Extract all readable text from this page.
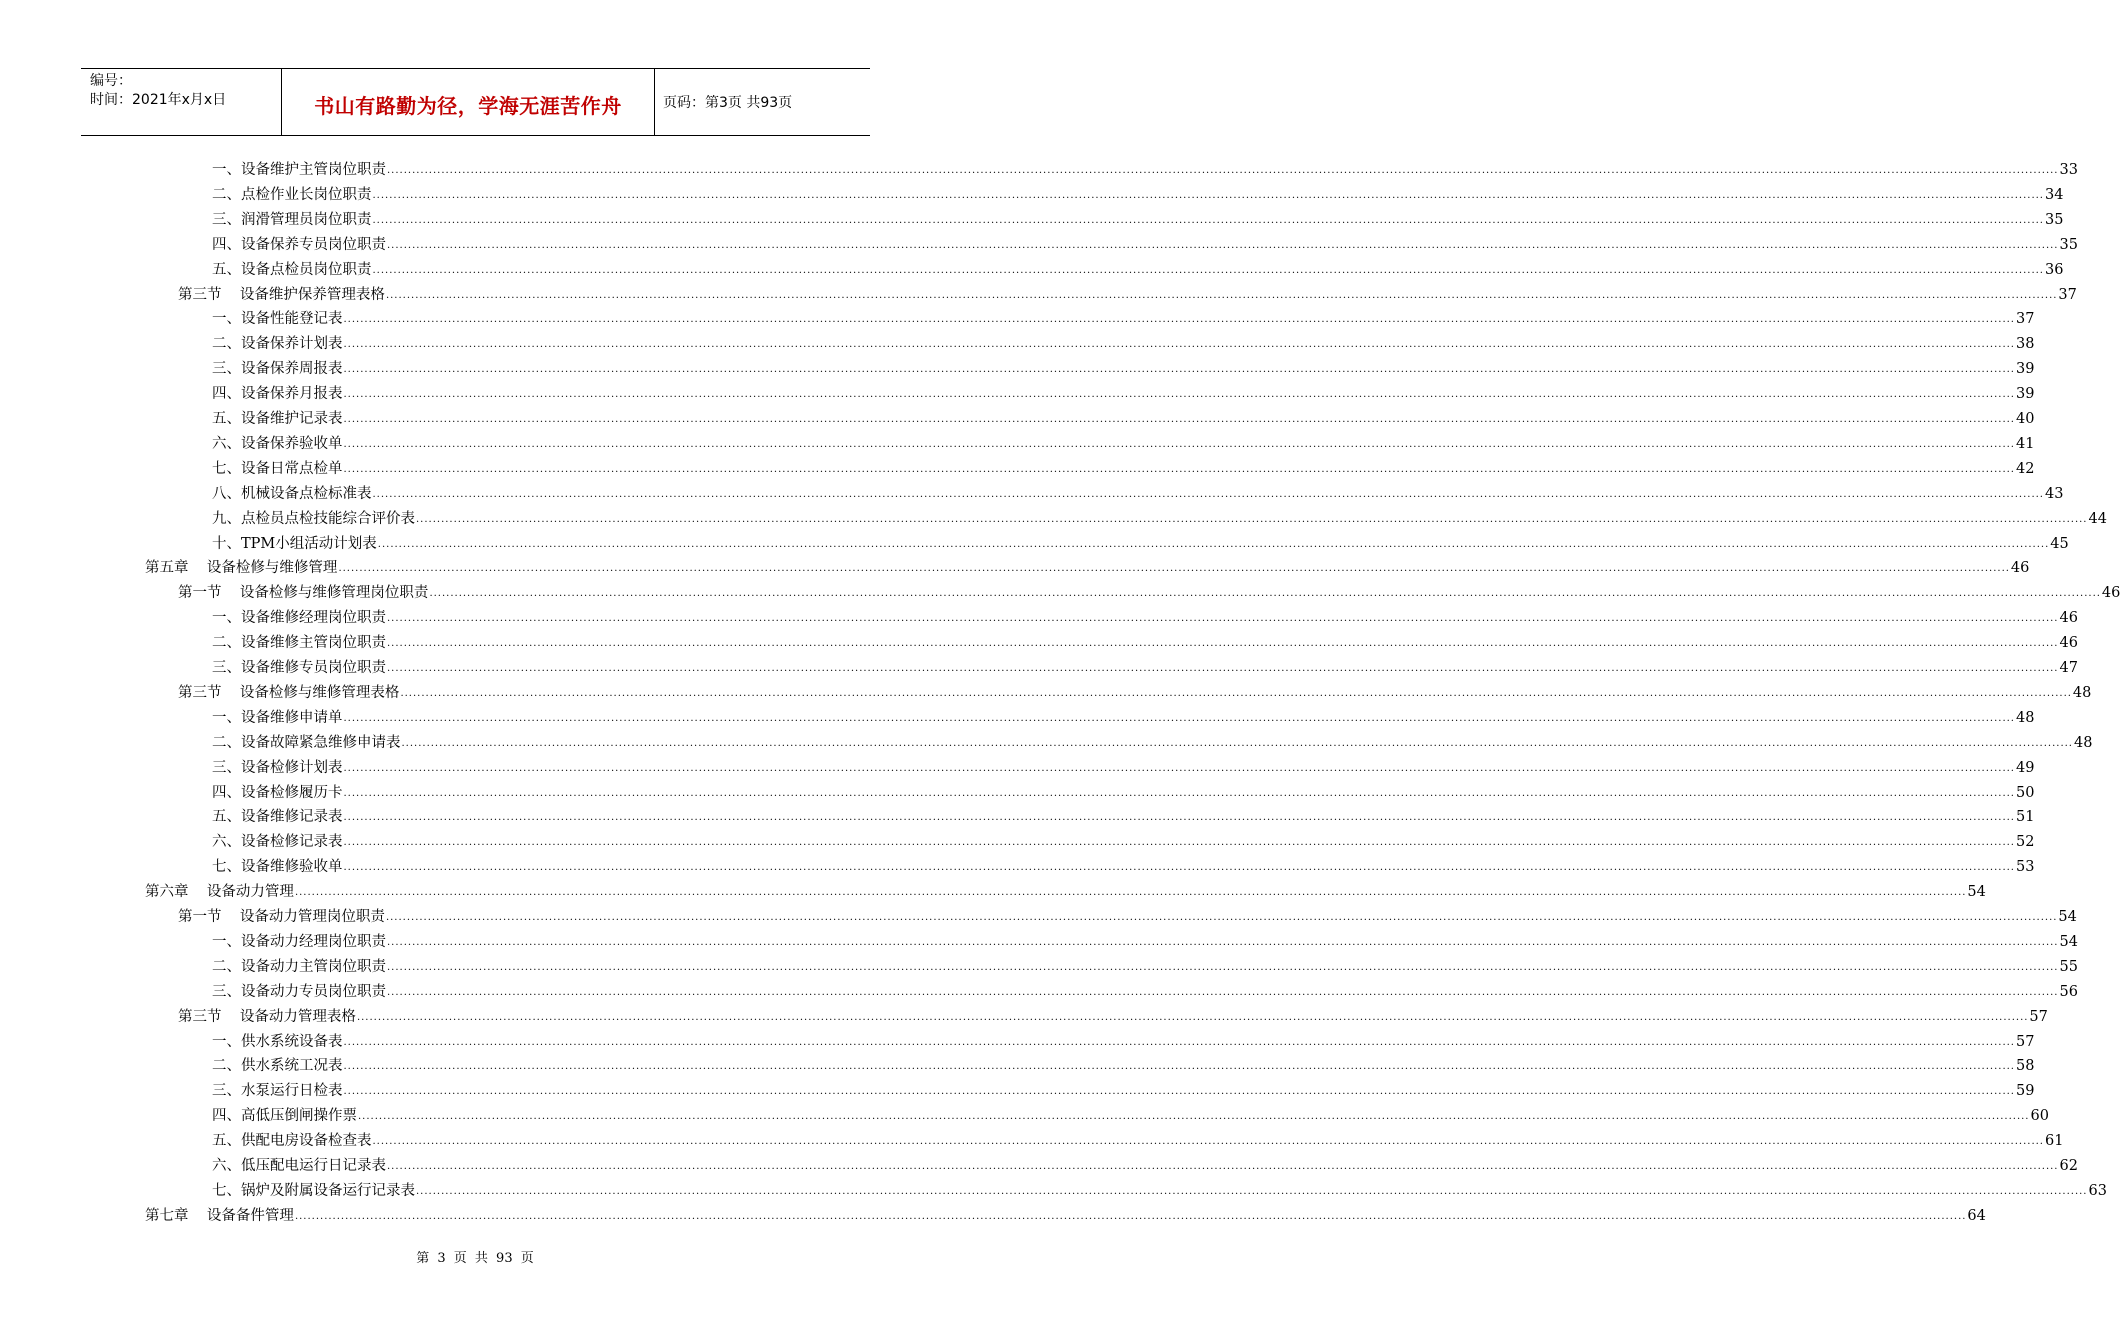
编号：
时间：2021年x月x日	书山有路勤为径，学海无涯苦作舟	页码：第3页 共93页
一、设备维护主管岗位职责 ................................................................................................................................................................................................................................................................................................................................................................................................................ 33
二、点检作业长岗位职责 ................................................................................................................................................................................................................................................................................................................................................................................................................ 34
三、润滑管理员岗位职责 ................................................................................................................................................................................................................................................................................................................................................................................................................ 35
四、设备保养专员岗位职责 ................................................................................................................................................................................................................................................................................................................................................................................................................ 35
五、设备点检员岗位职责 ................................................................................................................................................................................................................................................................................................................................................................................................................ 36
第三节    设备维护保养管理表格 ................................................................................................................................................................................................................................................................................................................................................................................................................ 37
一、设备性能登记表 ................................................................................................................................................................................................................................................................................................................................................................................................................ 37
二、设备保养计划表 ................................................................................................................................................................................................................................................................................................................................................................................................................ 38
三、设备保养周报表 ................................................................................................................................................................................................................................................................................................................................................................................................................ 39
四、设备保养月报表 ................................................................................................................................................................................................................................................................................................................................................................................................................ 39
五、设备维护记录表 ................................................................................................................................................................................................................................................................................................................................................................................................................ 40
六、设备保养验收单 ................................................................................................................................................................................................................................................................................................................................................................................................................ 41
七、设备日常点检单 ................................................................................................................................................................................................................................................................................................................................................................................................................ 42
八、机械设备点检标准表 ................................................................................................................................................................................................................................................................................................................................................................................................................ 43
九、点检员点检技能综合评价表 ................................................................................................................................................................................................................................................................................................................................................................................................................ 44
十、TPM小组活动计划表 ................................................................................................................................................................................................................................................................................................................................................................................................................ 45
第五章    设备检修与维修管理 ................................................................................................................................................................................................................................................................................................................................................................................................................ 46
第一节    设备检修与维修管理岗位职责 ................................................................................................................................................................................................................................................................................................................................................................................................................ 46
一、设备维修经理岗位职责 ................................................................................................................................................................................................................................................................................................................................................................................................................ 46
二、设备维修主管岗位职责 ................................................................................................................................................................................................................................................................................................................................................................................................................ 46
三、设备维修专员岗位职责 ................................................................................................................................................................................................................................................................................................................................................................................................................ 47
第三节    设备检修与维修管理表格 ................................................................................................................................................................................................................................................................................................................................................................................................................ 48
一、设备维修申请单 ................................................................................................................................................................................................................................................................................................................................................................................................................ 48
二、设备故障紧急维修申请表 ................................................................................................................................................................................................................................................................................................................................................................................................................ 48
三、设备检修计划表 ................................................................................................................................................................................................................................................................................................................................................................................................................ 49
四、设备检修履历卡 ................................................................................................................................................................................................................................................................................................................................................................................................................ 50
五、设备维修记录表 ................................................................................................................................................................................................................................................................................................................................................................................................................ 51
六、设备检修记录表 ................................................................................................................................................................................................................................................................................................................................................................................................................ 52
七、设备维修验收单 ................................................................................................................................................................................................................................................................................................................................................................................................................ 53
第六章    设备动力管理 ................................................................................................................................................................................................................................................................................................................................................................................................................ 54
第一节    设备动力管理岗位职责 ................................................................................................................................................................................................................................................................................................................................................................................................................ 54
一、设备动力经理岗位职责 ................................................................................................................................................................................................................................................................................................................................................................................................................ 54
二、设备动力主管岗位职责 ................................................................................................................................................................................................................................................................................................................................................................................................................ 55
三、设备动力专员岗位职责 ................................................................................................................................................................................................................................................................................................................................................................................................................ 56
第三节    设备动力管理表格 ................................................................................................................................................................................................................................................................................................................................................................................................................ 57
一、供水系统设备表 ................................................................................................................................................................................................................................................................................................................................................................................................................ 57
二、供水系统工况表 ................................................................................................................................................................................................................................................................................................................................................................................................................ 58
三、水泵运行日检表 ................................................................................................................................................................................................................................................................................................................................................................................................................ 59
四、高低压倒闸操作票 ................................................................................................................................................................................................................................................................................................................................................................................................................ 60
五、供配电房设备检查表 ................................................................................................................................................................................................................................................................................................................................................................................................................ 61
六、低压配电运行日记录表 ................................................................................................................................................................................................................................................................................................................................................................................................................ 62
七、锅炉及附属设备运行记录表 ................................................................................................................................................................................................................................................................................................................................................................................................................ 63
第七章    设备备件管理 ................................................................................................................................................................................................................................................................................................................................................................................................................ 64
第 3 页 共 93 页
